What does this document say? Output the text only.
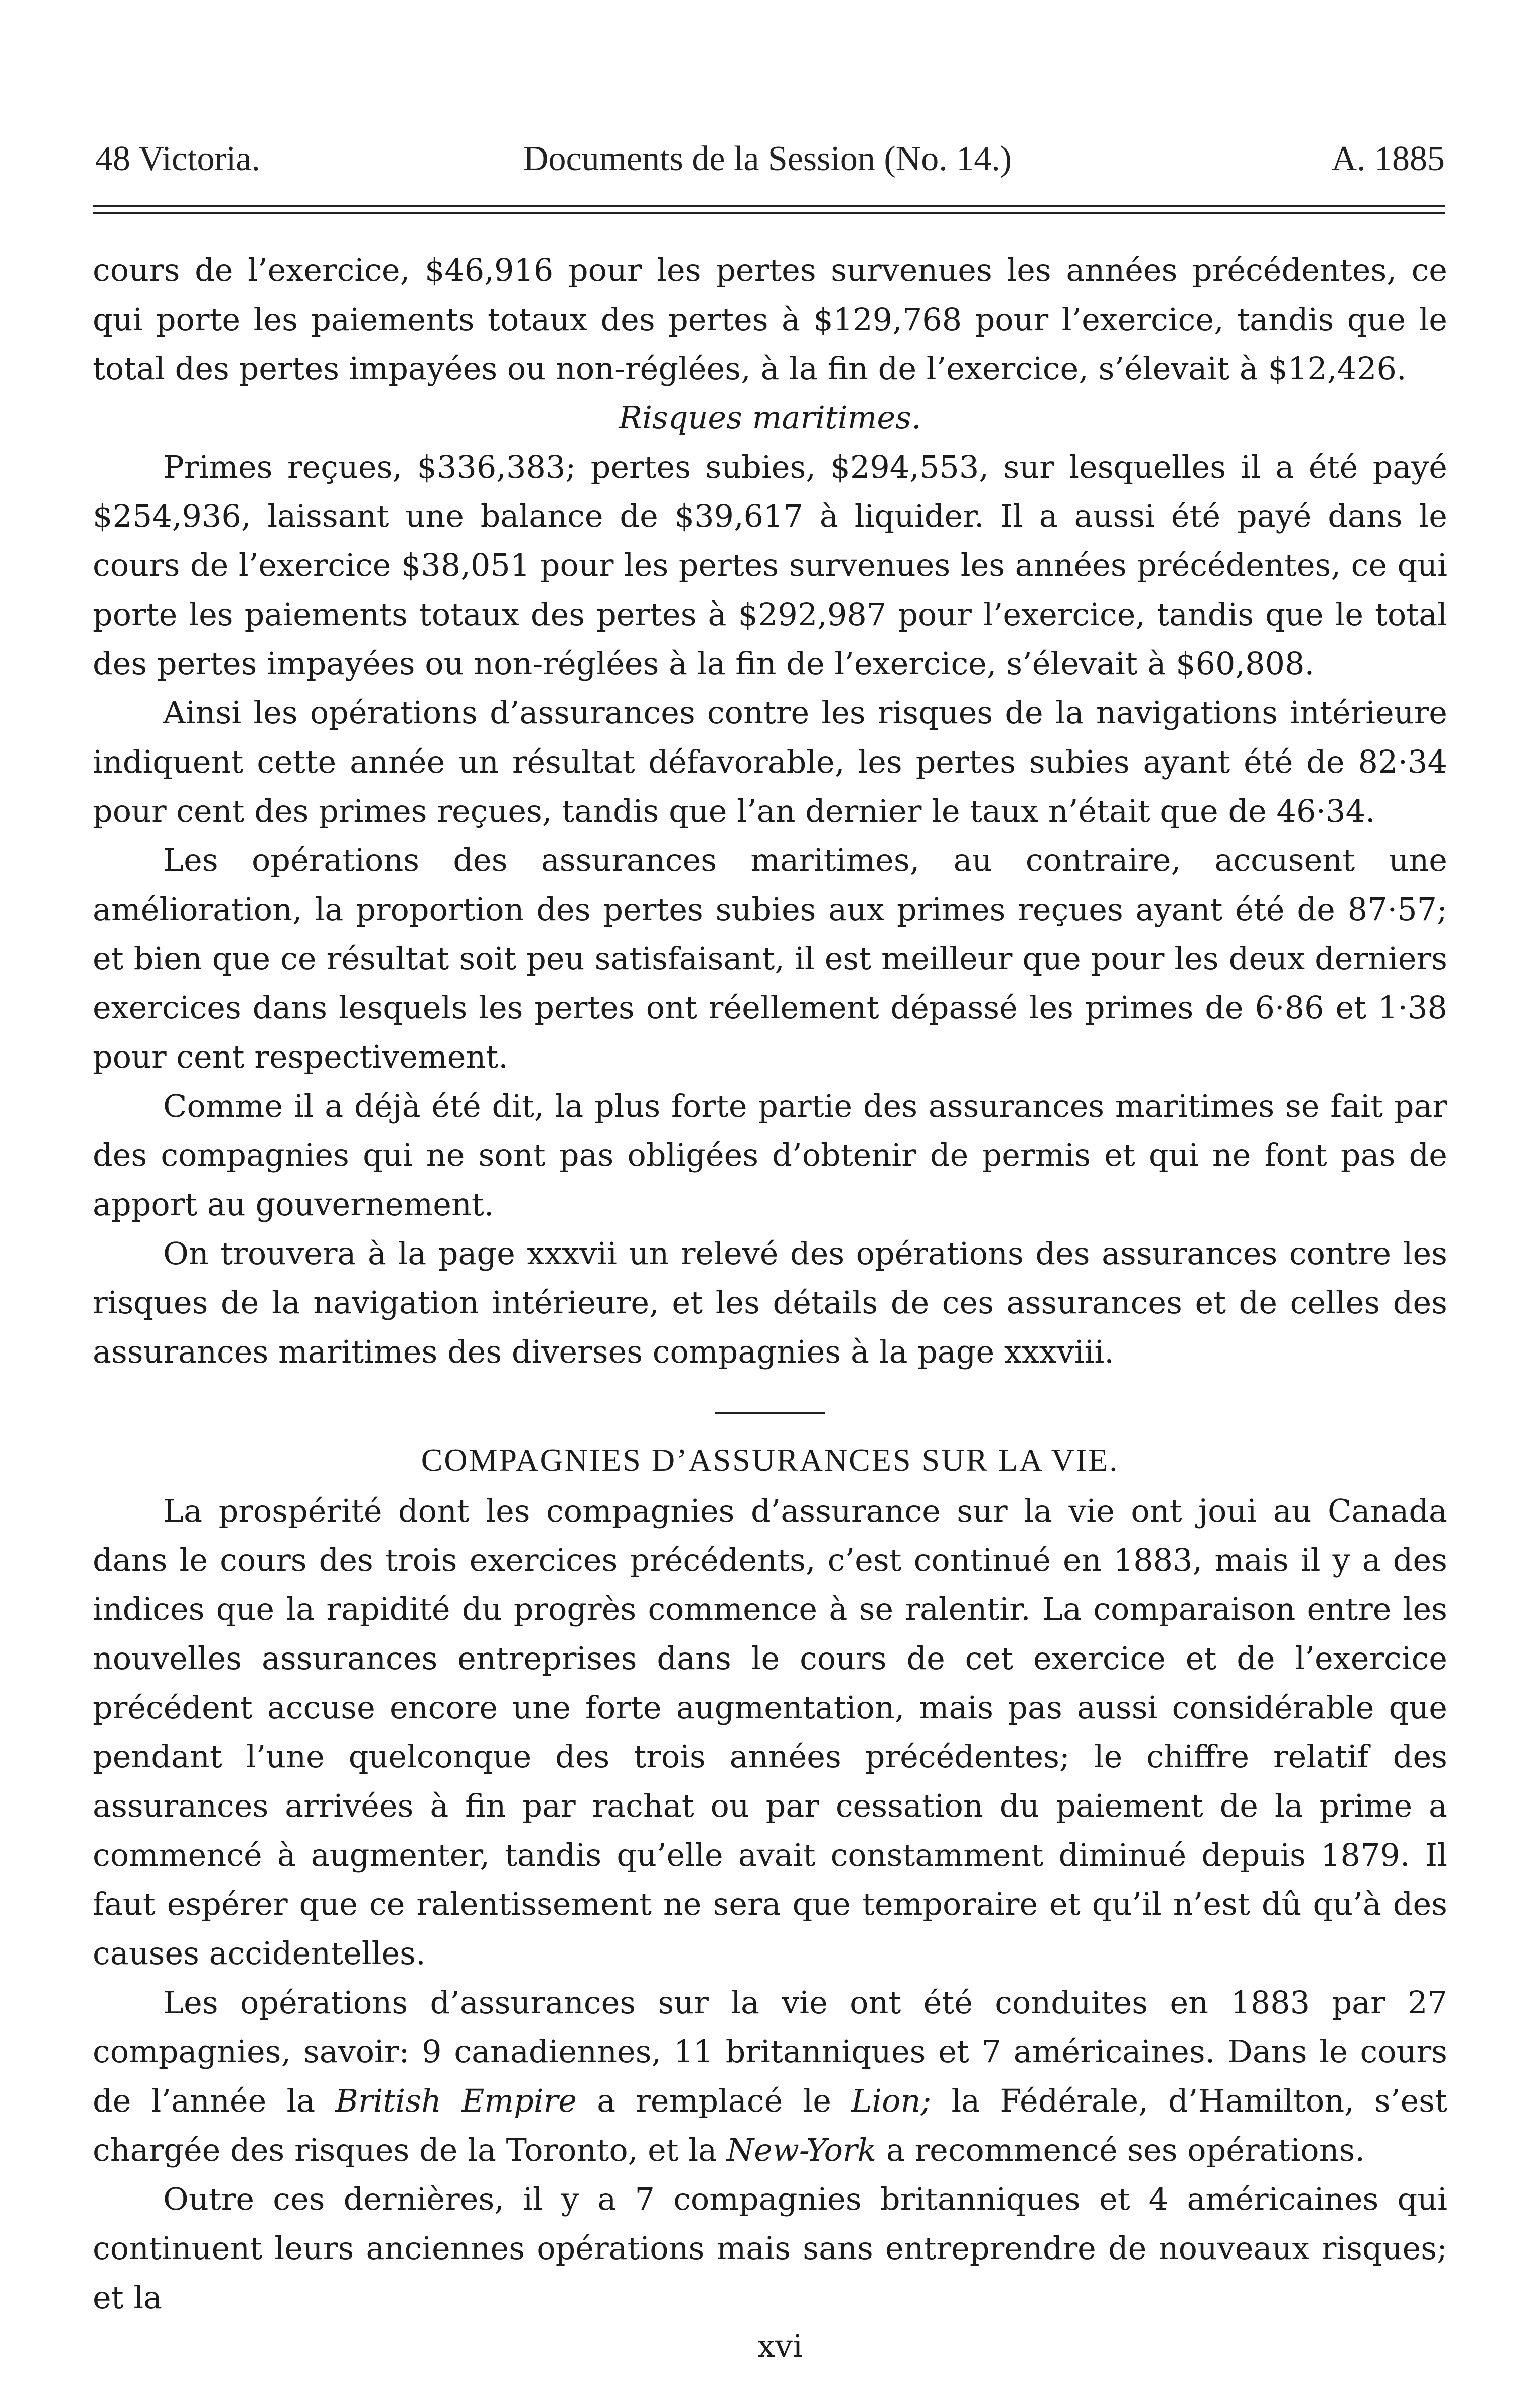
48 Victoria.	Documents de la Session (No. 14.)	A. 1885

cours de l’exercice, $46,916 pour les pertes survenues les années précédentes, ce qui porte les paiements totaux des pertes à $129,768 pour l’exercice, tandis que le total des pertes impayées ou non-réglées, à la fin de l’exercice, s’élevait à $12,426.

Risques maritimes.

Primes reçues, $336,383; pertes subies, $294,553, sur lesquelles il a été payé $254,936, laissant une balance de $39,617 à liquider. Il a aussi été payé dans le cours de l’exercice $38,051 pour les pertes survenues les années précédentes, ce qui porte les paiements totaux des pertes à $292,987 pour l’exercice, tandis que le total des pertes impayées ou non-réglées à la fin de l’exercice, s’élevait à $60,808.

Ainsi les opérations d’assurances contre les risques de la navigations intérieure indiquent cette année un résultat défavorable, les pertes subies ayant été de 82·34 pour cent des primes reçues, tandis que l’an dernier le taux n’était que de 46·34.

Les opérations des assurances maritimes, au contraire, accusent une amélioration, la proportion des pertes subies aux primes reçues ayant été de 87·57; et bien que ce résultat soit peu satisfaisant, il est meilleur que pour les deux derniers exercices dans lesquels les pertes ont réellement dépassé les primes de 6·86 et 1·38 pour cent respectivement.

Comme il a déjà été dit, la plus forte partie des assurances maritimes se fait par des compagnies qui ne sont pas obligées d’obtenir de permis et qui ne font pas de apport au gouvernement.

On trouvera à la page xxxvii un relevé des opérations des assurances contre les risques de la navigation intérieure, et les détails de ces assurances et de celles des assurances maritimes des diverses compagnies à la page xxxviii.

COMPAGNIES D’ASSURANCES SUR LA VIE.

La prospérité dont les compagnies d’assurance sur la vie ont joui au Canada dans le cours des trois exercices précédents, c’est continué en 1883, mais il y a des indices que la rapidité du progrès commence à se ralentir. La comparaison entre les nouvelles assurances entreprises dans le cours de cet exercice et de l’exercice précédent accuse encore une forte augmentation, mais pas aussi considérable que pendant l’une quelconque des trois années précédentes; le chiffre relatif des assurances arrivées à fin par rachat ou par cessation du paiement de la prime a commencé à augmenter, tandis qu’elle avait constamment diminué depuis 1879. Il faut espérer que ce ralentissement ne sera que temporaire et qu’il n’est dû qu’à des causes accidentelles.

Les opérations d’assurances sur la vie ont été conduites en 1883 par 27 compagnies, savoir: 9 canadiennes, 11 britanniques et 7 américaines. Dans le cours de l’année la British Empire a remplacé le Lion; la Fédérale, d’Hamilton, s’est chargée des risques de la Toronto, et la New-York a recommencé ses opérations.

Outre ces dernières, il y a 7 compagnies britanniques et 4 américaines qui continuent leurs anciennes opérations mais sans entreprendre de nouveaux risques; et la

xvi
